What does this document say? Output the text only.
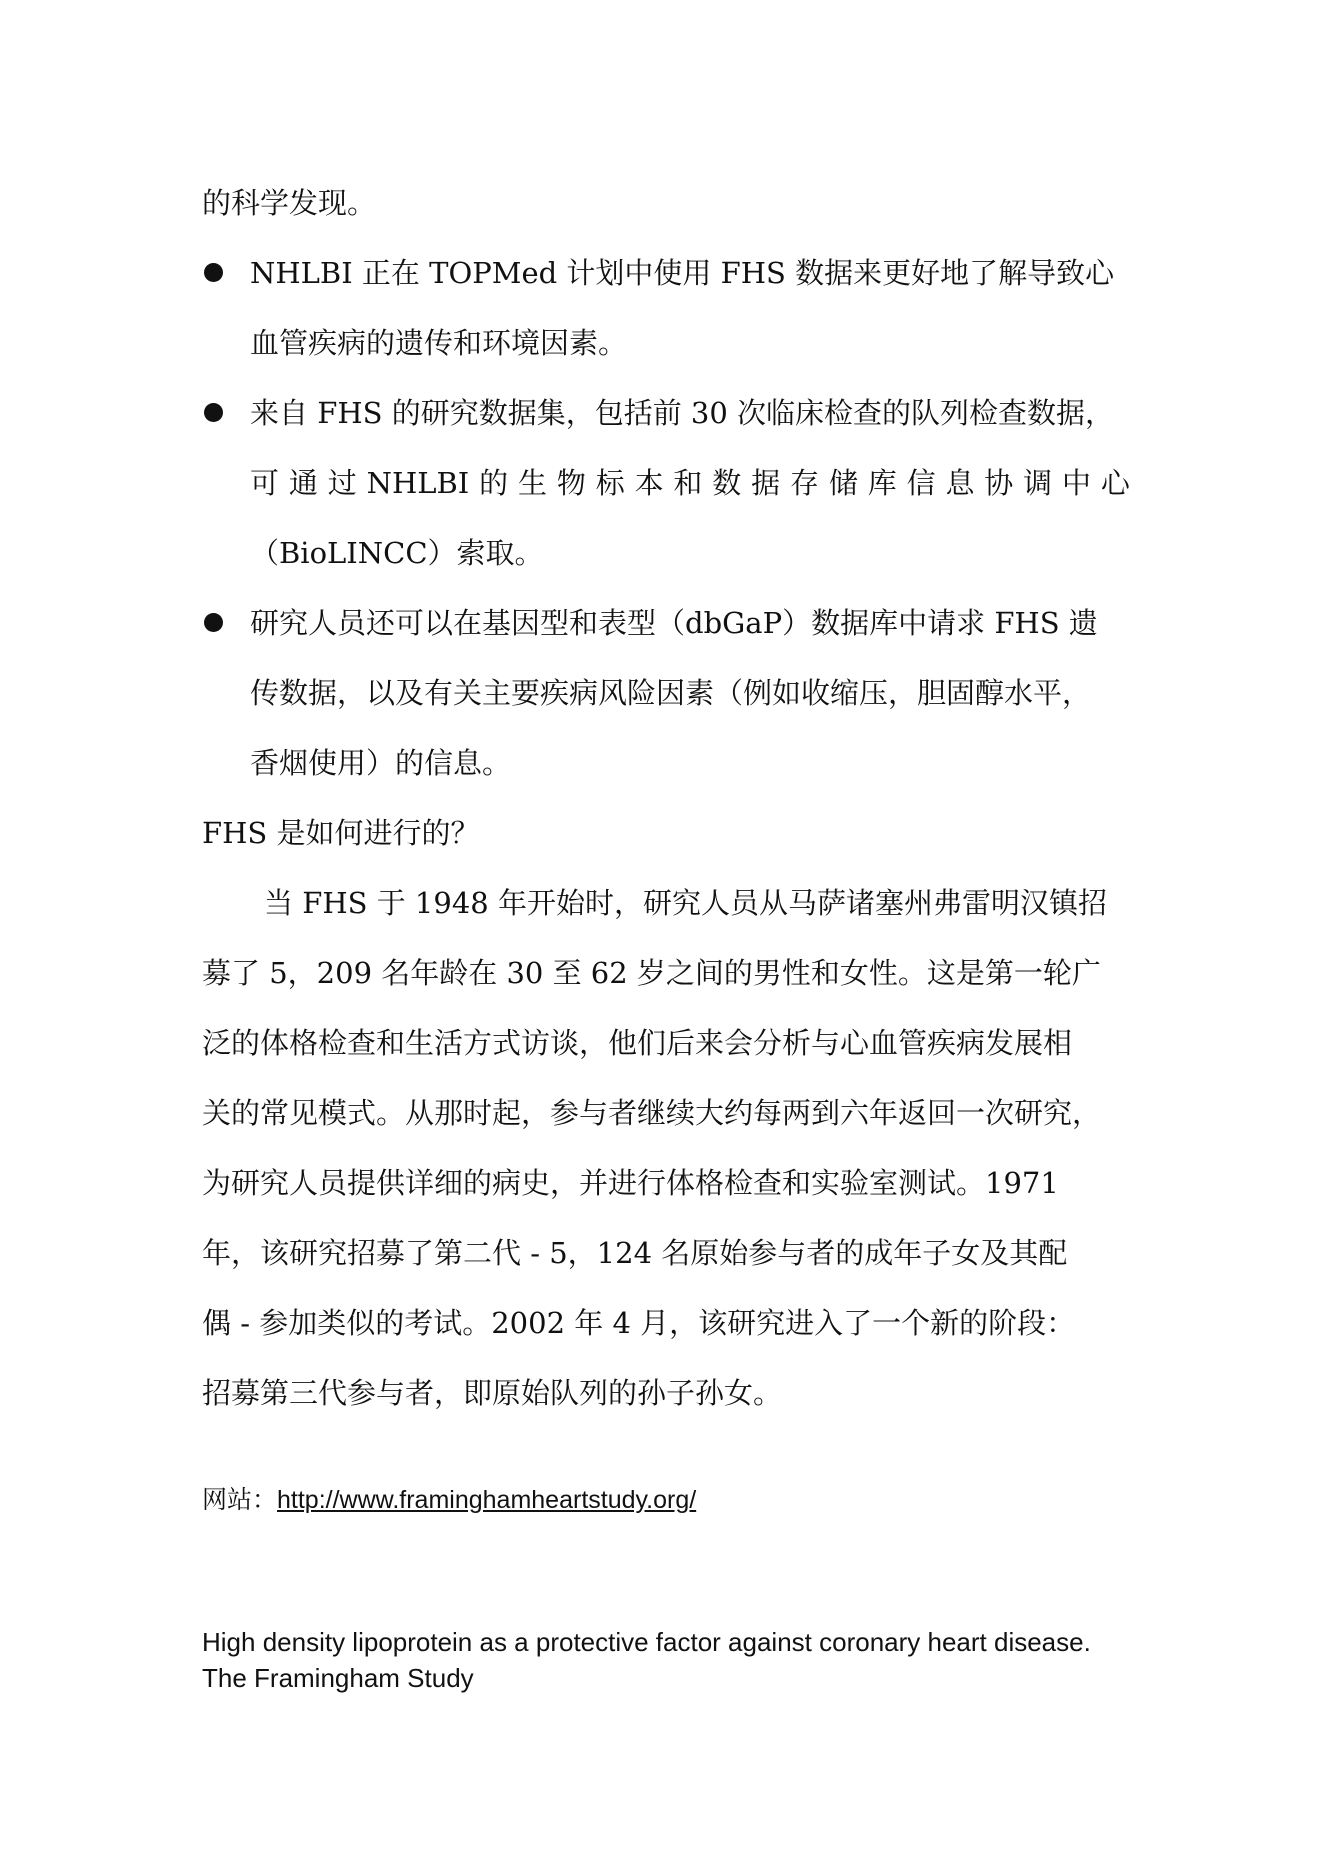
的科学发现。
NHLBI 正在 TOPMed 计划中使用 FHS 数据来更好地了解导致心
血管疾病的遗传和环境因素。
来自 FHS 的研究数据集，包括前 30 次临床检查的队列检查数据，
可 通 过 NHLBI 的 生 物 标 本 和 数 据 存 储 库 信 息 协 调 中 心
（BioLINCC）索取。
研究人员还可以在基因型和表型（dbGaP）数据库中请求 FHS 遗
传数据，以及有关主要疾病风险因素（例如收缩压，胆固醇水平，
香烟使用）的信息。
FHS 是如何进行的？
当 FHS 于 1948 年开始时，研究人员从马萨诸塞州弗雷明汉镇招
募了 5，209 名年龄在 30 至 62 岁之间的男性和女性。这是第一轮广
泛的体格检查和生活方式访谈，他们后来会分析与心血管疾病发展相
关的常见模式。从那时起，参与者继续大约每两到六年返回一次研究，
为研究人员提供详细的病史，并进行体格检查和实验室测试。1971
年，该研究招募了第二代 - 5，124 名原始参与者的成年子女及其配
偶 - 参加类似的考试。2002 年 4 月，该研究进入了一个新的阶段：
招募第三代参与者，即原始队列的孙子孙女。
网站：http://www.framinghamheartstudy.org/
High density lipoprotein as a protective factor against coronary heart disease.
The Framingham Study
